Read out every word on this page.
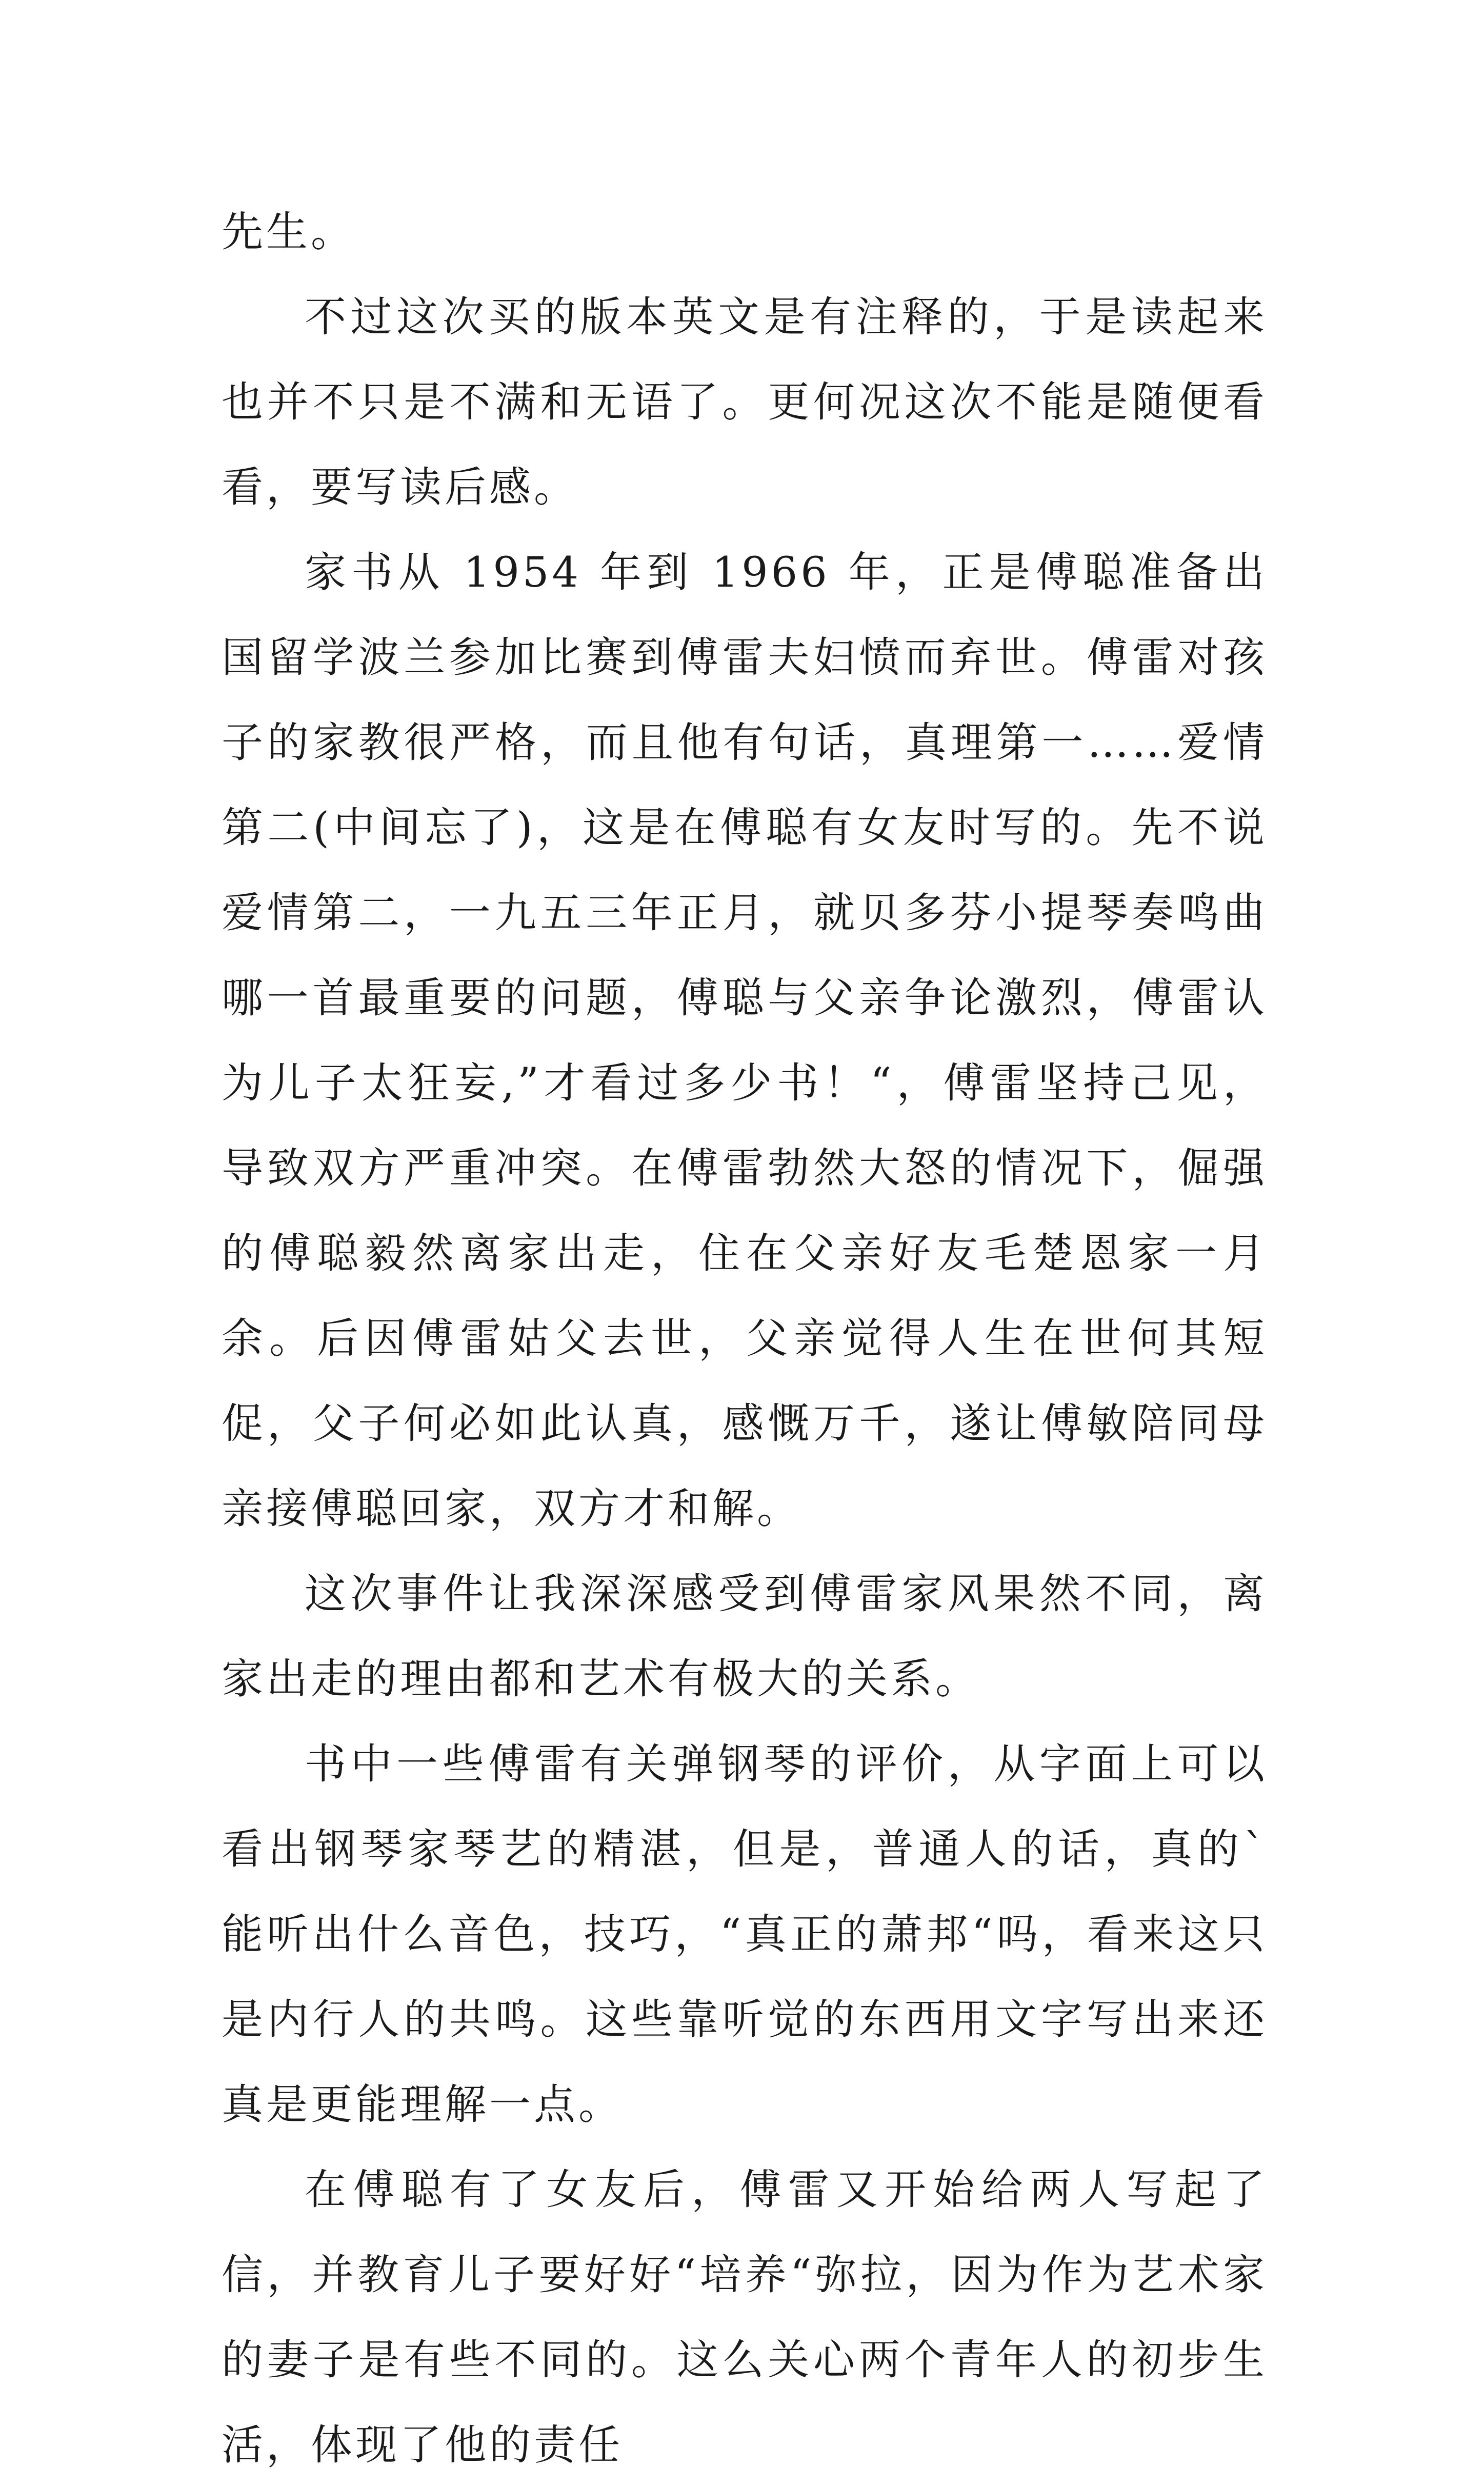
先生。

不过这次买的版本英文是有注释的，于是读起来也并不只是不满和无语了。更何况这次不能是随便看看，要写读后感。

家书从 1954 年到 1966 年，正是傅聪准备出国留学波兰参加比赛到傅雷夫妇愤而弃世。傅雷对孩子的家教很严格，而且他有句话，真理第一……爱情第二(中间忘了)，这是在傅聪有女友时写的。先不说爱情第二，一九五三年正月，就贝多芬小提琴奏鸣曲哪一首最重要的问题，傅聪与父亲争论激烈，傅雷认为儿子太狂妄,”才看过多少书！“，傅雷坚持己见，导致双方严重冲突。在傅雷勃然大怒的情况下，倔强的傅聪毅然离家出走，住在父亲好友毛楚恩家一月余。后因傅雷姑父去世，父亲觉得人生在世何其短促，父子何必如此认真，感慨万千，遂让傅敏陪同母亲接傅聪回家，双方才和解。

这次事件让我深深感受到傅雷家风果然不同，离家出走的理由都和艺术有极大的关系。

书中一些傅雷有关弹钢琴的评价，从字面上可以看出钢琴家琴艺的精湛，但是，普通人的话，真的`能听出什么音色，技巧，“真正的萧邦“吗，看来这只是内行人的共鸣。这些靠听觉的东西用文字写出来还真是更能理解一点。

在傅聪有了女友后，傅雷又开始给两人写起了信，并教育儿子要好好“培养“弥拉，因为作为艺术家的妻子是有些不同的。这么关心两个青年人的初步生活，体现了他的责任
